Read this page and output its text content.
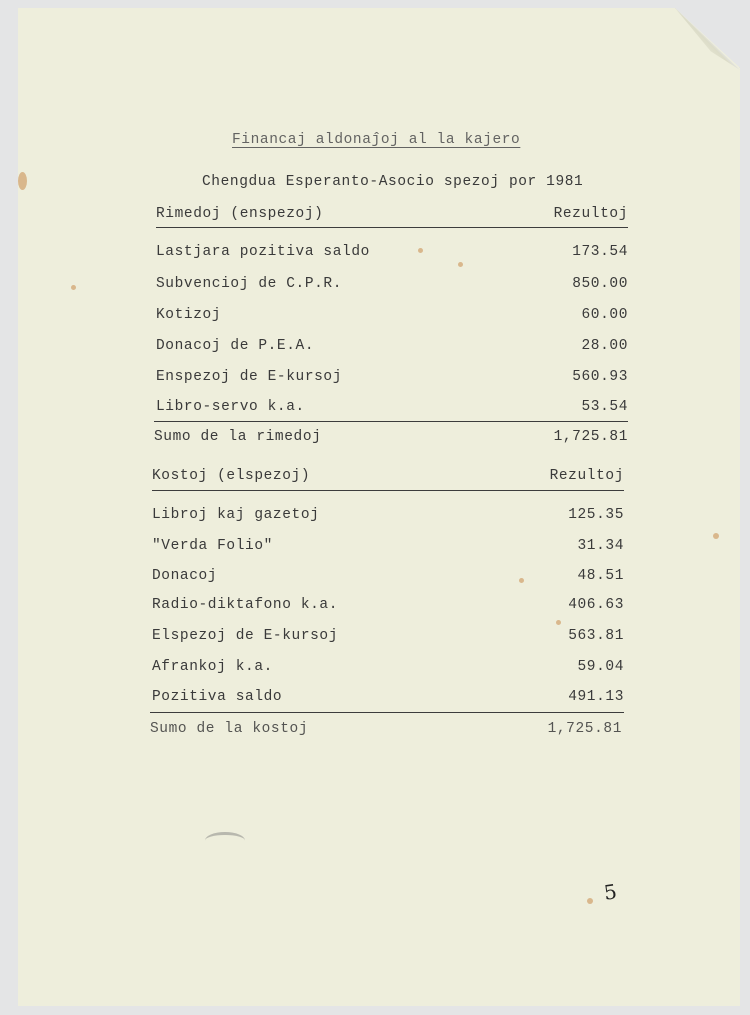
Financaj aldonaĵoj al la kajero
Chengdua Esperanto-Asocio spezoj por 1981
Rimedoj (enspezoj)	Rezultoj
Lastjara pozitiva saldo	173.54
Subvencioj de C.P.R.	850.00
Kotizoj	60.00
Donacoj de P.E.A.	28.00
Enspezoj de E-kursoj	560.93
Libro-servo k.a.	53.54
Sumo de la rimedoj	1,725.81
Kostoj (elspezoj)	Rezultoj
Libroj kaj gazetoj	125.35
"Verda Folio"	31.34
Donacoj	48.51
Radio-diktafono k.a.	406.63
Elspezoj de E-kursoj	563.81
Afrankoj k.a.	59.04
Pozitiva saldo	491.13
Sumo de la kostoj	1,725.81
5
